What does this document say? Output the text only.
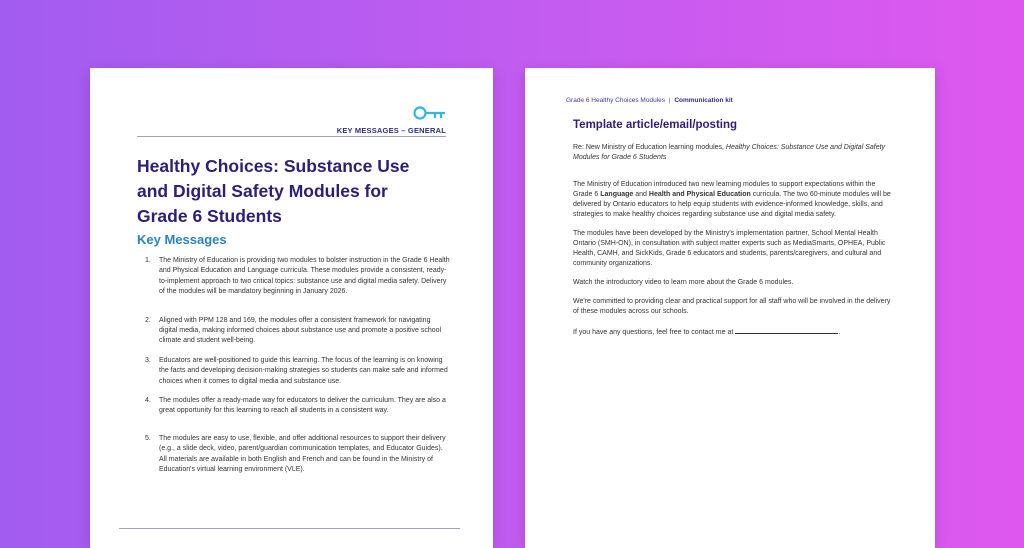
KEY MESSAGES – GENERAL
Healthy Choices: Substance Use and Digital Safety Modules for Grade 6 Students
Key Messages
1. The Ministry of Education is providing two modules to bolster instruction in the Grade 6 Health and Physical Education and Language curricula. These modules provide a consistent, ready-to-implement approach to two critical topics: substance use and digital media safety. Delivery of the modules will be mandatory beginning in January 2026.
2. Aligned with PPM 128 and 169, the modules offer a consistent framework for navigating digital media, making informed choices about substance use and promote a positive school climate and student well-being.
3. Educators are well-positioned to guide this learning. The focus of the learning is on knowing the facts and developing decision-making strategies so students can make safe and informed choices when it comes to digital media and substance use.
4. The modules offer a ready-made way for educators to deliver the curriculum. They are also a great opportunity for this learning to reach all students in a consistent way.
5. The modules are easy to use, flexible, and offer additional resources to support their delivery (e.g., a slide deck, video, parent/guardian communication templates, and Educator Guides). All materials are available in both English and French and can be found in the Ministry of Education's virtual learning environment (VLE).
Grade 6 Healthy Choices Modules | Communication kit
Template article/email/posting
Re: New Ministry of Education learning modules, Healthy Choices: Substance Use and Digital Safety Modules for Grade 6 Students

The Ministry of Education introduced two new learning modules to support expectations within the Grade 6 Language and Health and Physical Education curricula. The two 60-minute modules will be delivered by Ontario educators to help equip students with evidence-informed knowledge, skills, and strategies to make healthy choices regarding substance use and digital media safety.

The modules have been developed by the Ministry's implementation partner, School Mental Health Ontario (SMH-ON), in consultation with subject matter experts such as MediaSmarts, OPHEA, Public Health, CAMH, and SickKids, Grade 6 educators and students, parents/caregivers, and cultural and community organizations.

Watch the introductory video to learn more about the Grade 6 modules.

We're committed to providing clear and practical support for all staff who will be involved in the delivery of these modules across our schools.

If you have any questions, feel free to contact me at	.
